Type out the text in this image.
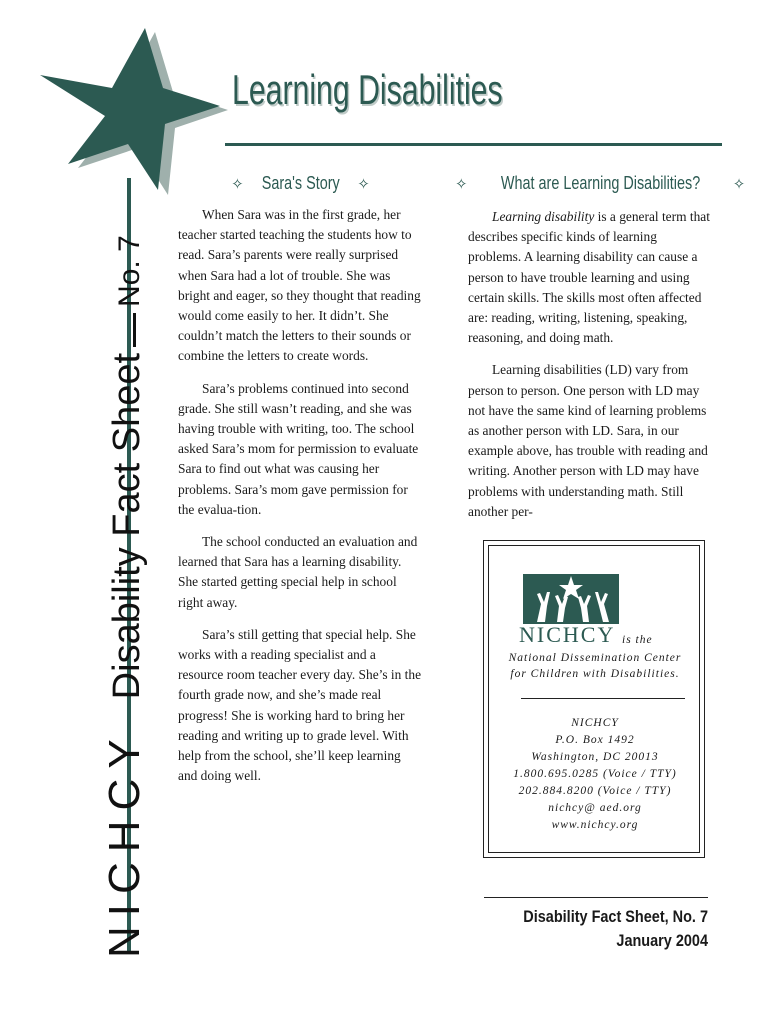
Learning Disabilities
NICHCYDisability Fact SheetNo. 7
✧ Sara's Story ✧

When Sara was in the first grade, her teacher started teaching the students how to read. Sara’s parents were really surprised when Sara had a lot of trouble. She was bright and eager, so they thought that reading would come easily to her. It didn’t. She couldn’t match the letters to their sounds or combine the letters to create words.

Sara’s problems continued into second grade. She still wasn’t reading, and she was having trouble with writing, too. The school asked Sara’s mom for permission to evaluate Sara to find out what was causing her problems. Sara’s mom gave permission for the evalua-tion.

The school conducted an evaluation and learned that Sara has a learning disability. She started getting special help in school right away.

Sara’s still getting that special help. She works with a reading specialist and a resource room teacher every day. She’s in the fourth grade now, and she’s made real progress! She is working hard to bring her reading and writing up to grade level. With help from the school, she’ll keep learning and doing well.

✧ What are Learning Disabilities? ✧

Learning disability is a general term that describes specific kinds of learning problems. A learning disability can cause a person to have trouble learning and using certain skills. The skills most often affected are: reading, writing, listening, speaking, reasoning, and doing math.

Learning disabilities (LD) vary from person to person. One person with LD may not have the same kind of learning problems as another person with LD. Sara, in our example above, has trouble with reading and writing. Another person with LD may have problems with understanding math. Still another per-

NICHCY is the
National Dissemination Center
for Children with Disabilities.
NICHCY
P.O. Box 1492
Washington, DC 20013
1.800.695.0285 (Voice / TTY)
202.884.8200 (Voice / TTY)
nichcy@ aed.org
www.nichcy.org
Disability Fact Sheet, No. 7
January 2004
